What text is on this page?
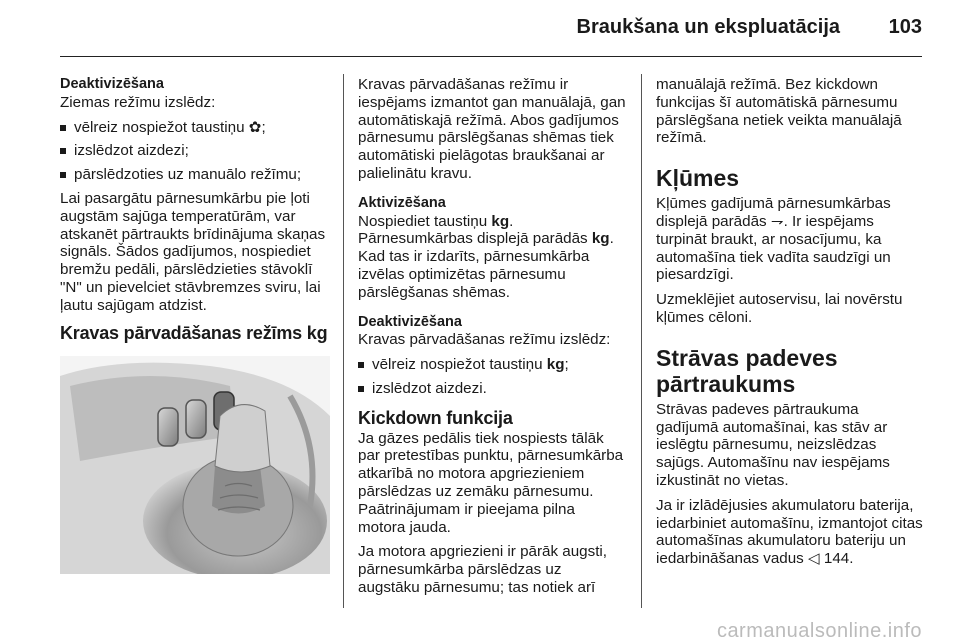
Braukšana un ekspluatācija 103

Deaktivizēšana

Ziemas režīmu izslēdz:

vēlreiz nospiežot taustiņu ✿;

izslēdzot aizdezi;

pārslēdzoties uz manuālo režīmu;

Lai pasargātu pārnesumkārbu pie ļoti augstām sajūga temperatūrām, var atskanēt pārtraukts brīdinājuma skaņas signāls. Šādos gadījumos, nospiediet bremžu pedāli, pārslēdzieties stāvoklī "N" un pievelciet stāvbremzes sviru, lai ļautu sajūgam atdzist.

Kravas pārvadāšanas režīms kg

Kravas pārvadāšanas režīmu ir iespējams izmantot gan manuālajā, gan automātiskajā režīmā. Abos gadījumos pārnesumu pārslēgšanas shēmas tiek automātiski pielāgotas braukšanai ar palielinātu kravu.

Aktivizēšana

Nospiediet taustiņu kg.

Pārnesumkārbas displejā parādās kg. Kad tas ir izdarīts, pārnesumkārba izvēlas optimizētas pārnesumu pārslēgšanas shēmas.

Deaktivizēšana

Kravas pārvadāšanas režīmu izslēdz:

vēlreiz nospiežot taustiņu kg;

izslēdzot aizdezi.

Kickdown funkcija

Ja gāzes pedālis tiek nospiests tālāk par pretestības punktu, pārnesumkārba atkarībā no motora apgriezieniem pārslēdzas uz zemāku pārnesumu. Paātrinājumam ir pieejama pilna motora jauda.

Ja motora apgriezieni ir pārāk augsti, pārnesumkārba pārslēdzas uz augstāku pārnesumu; tas notiek arī

manuālajā režīmā. Bez kickdown funkcijas šī automātiskā pārnesumu pārslēgšana netiek veikta manuālajā režīmā.

Kļūmes

Kļūmes gadījumā pārnesumkārbas displejā parādās ⇁. Ir iespējams turpināt braukt, ar nosacījumu, ka automašīna tiek vadīta saudzīgi un piesardzīgi.

Uzmeklējiet autoservisu, lai novērstu kļūmes cēloni.

Strāvas padeves pārtraukums

Strāvas padeves pārtraukuma gadījumā automašīnai, kas stāv ar ieslēgtu pārnesumu, neizslēdzas sajūgs. Automašīnu nav iespējams izkustināt no vietas.

Ja ir izlādējusies akumulatoru baterija, iedarbiniet automašīnu, izmantojot citas automašīnas akumulatoru bateriju un iedarbināšanas vadus ◁ 144.

carmanualsonline.info
